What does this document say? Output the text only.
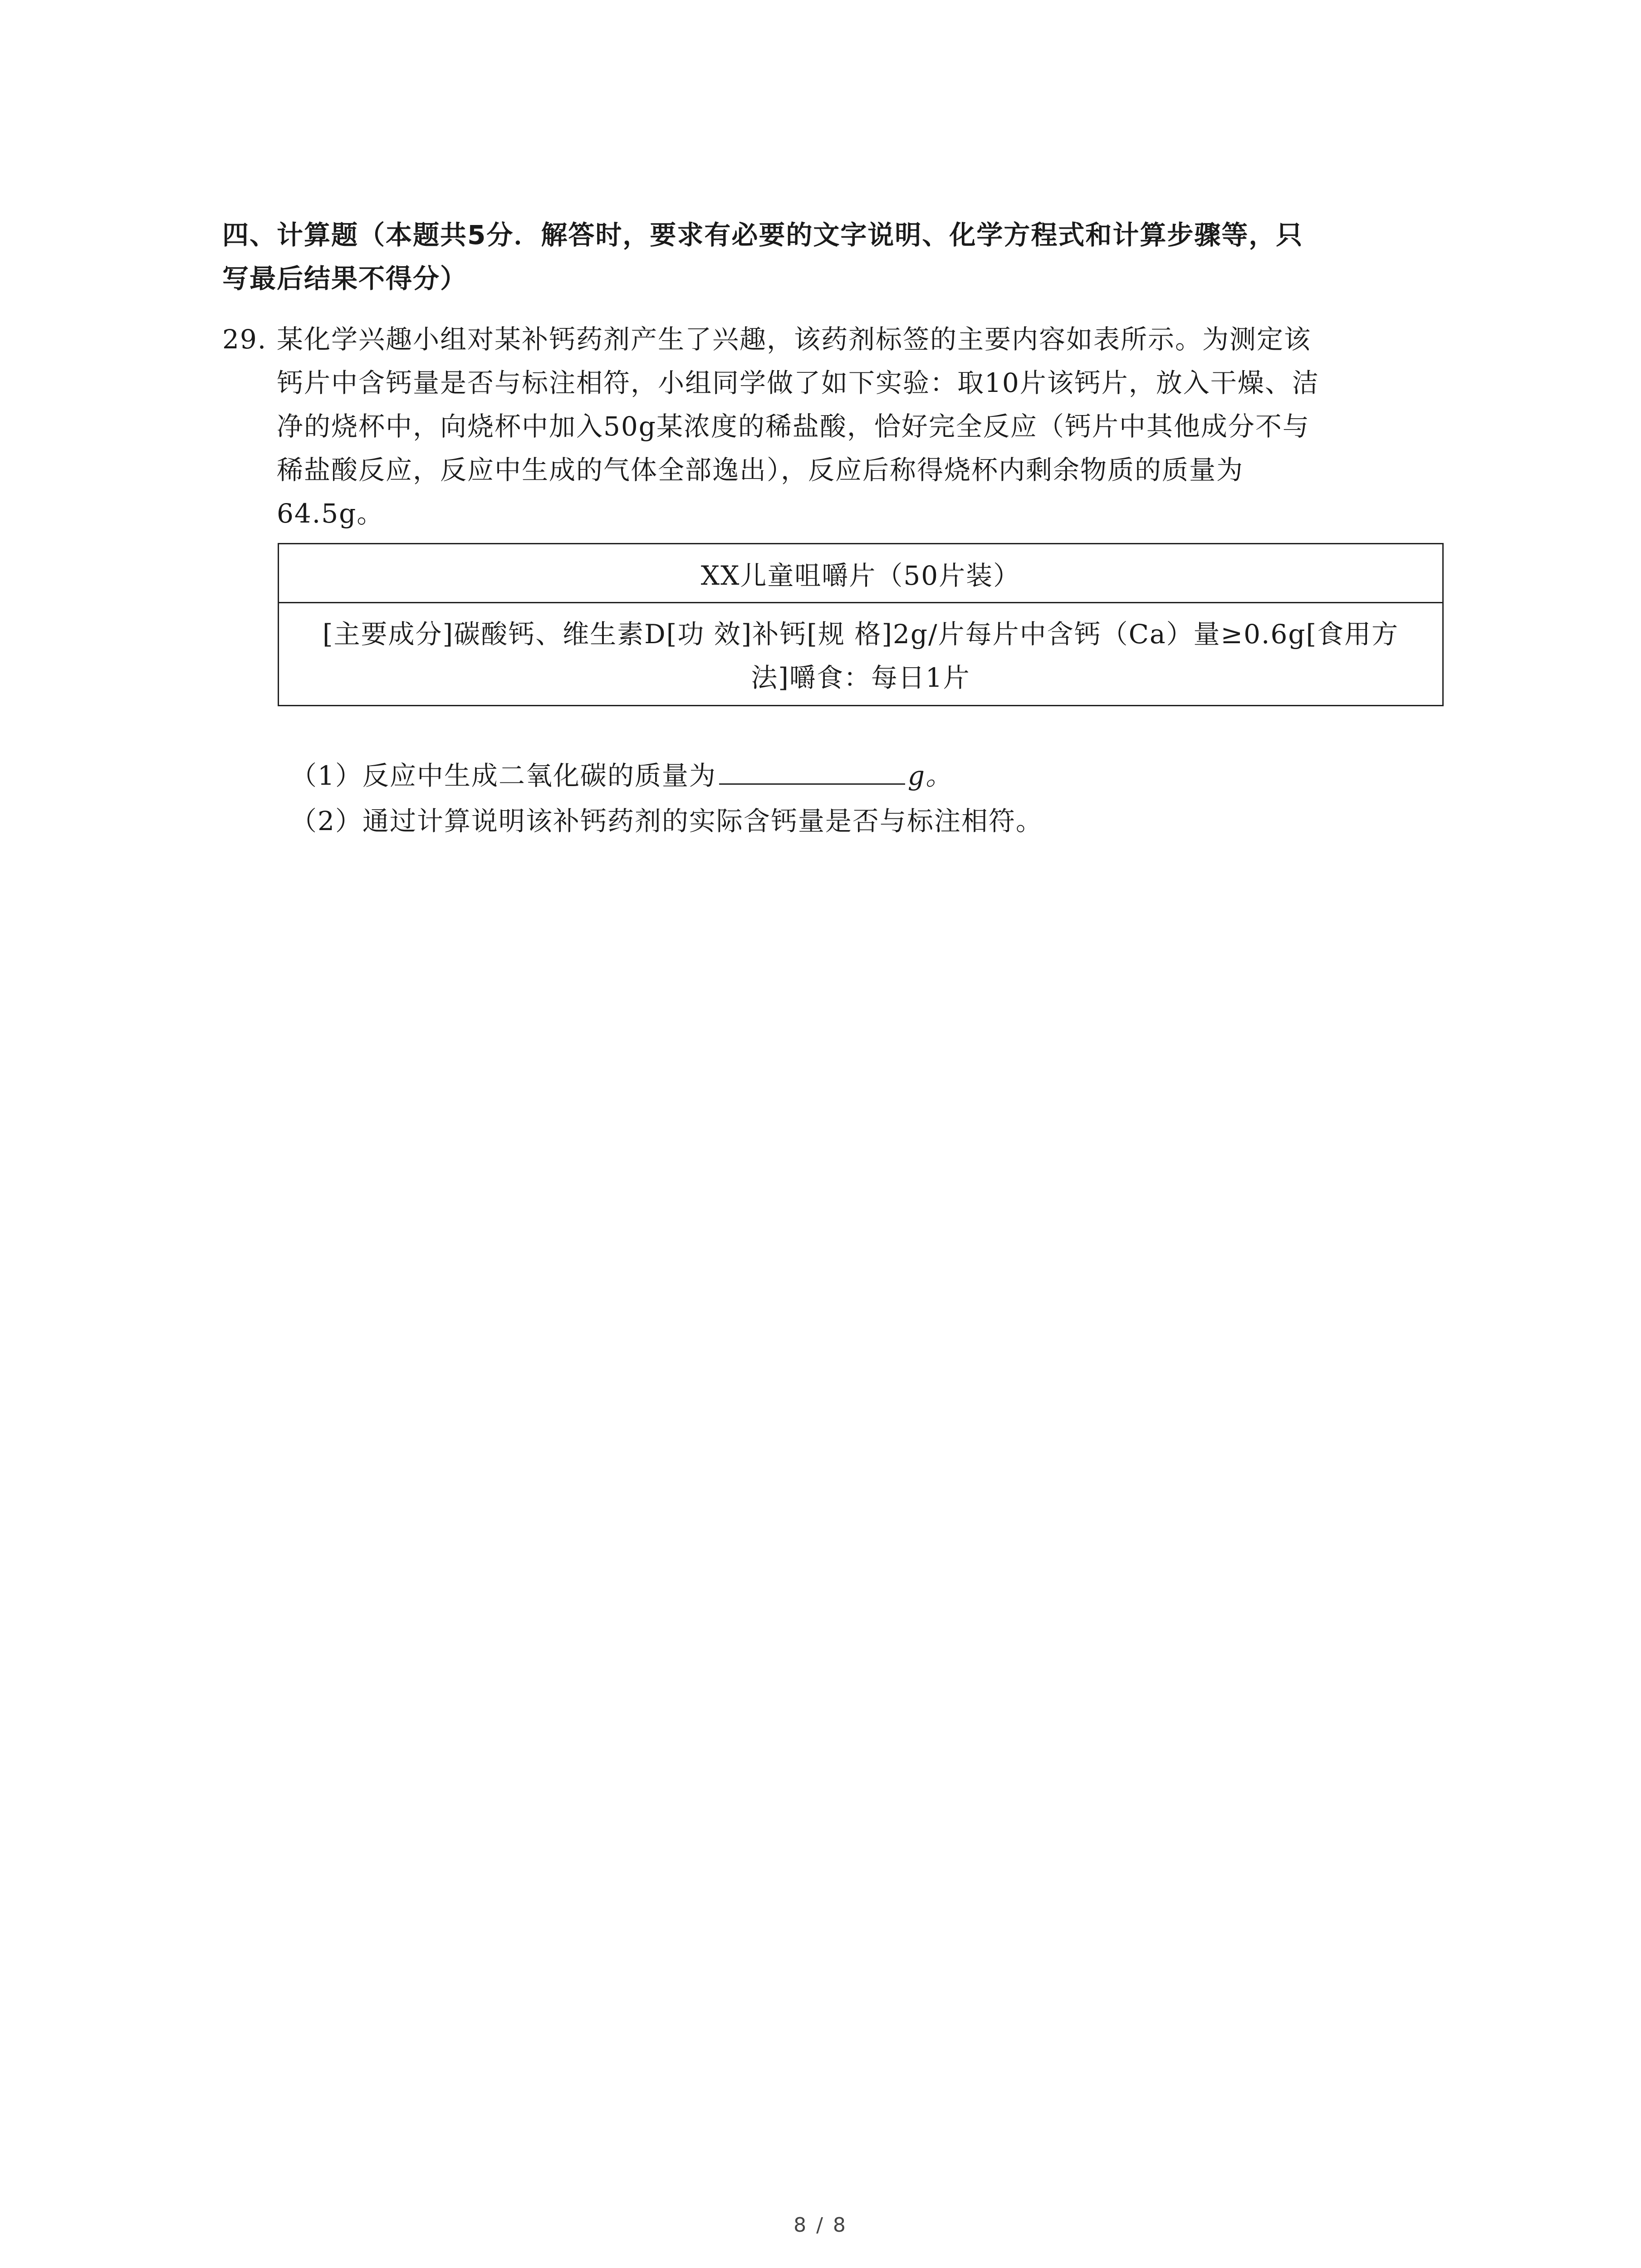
四、计算题（本题共5分．解答时，要求有必要的文字说明、化学方程式和计算步骤等，只
写最后结果不得分）
29. 某化学兴趣小组对某补钙药剂产生了兴趣，该药剂标签的主要内容如表所示。为测定该
钙片中含钙量是否与标注相符，小组同学做了如下实验：取10片该钙片，放入干燥、洁
净的烧杯中，向烧杯中加入50g某浓度的稀盐酸，恰好完全反应（钙片中其他成分不与
稀盐酸反应，反应中生成的气体全部逸出），反应后称得烧杯内剩余物质的质量为
64.5g。
XX儿童咀嚼片（50片装）
[主要成分]碳酸钙、维生素D[功 效]补钙[规 格]2g/片每片中含钙（Ca）量≥0.6g[食用方
法]嚼食：每日1片
（1）反应中生成二氧化碳的质量为	g。
（2）通过计算说明该补钙药剂的实际含钙量是否与标注相符。
8 / 8
